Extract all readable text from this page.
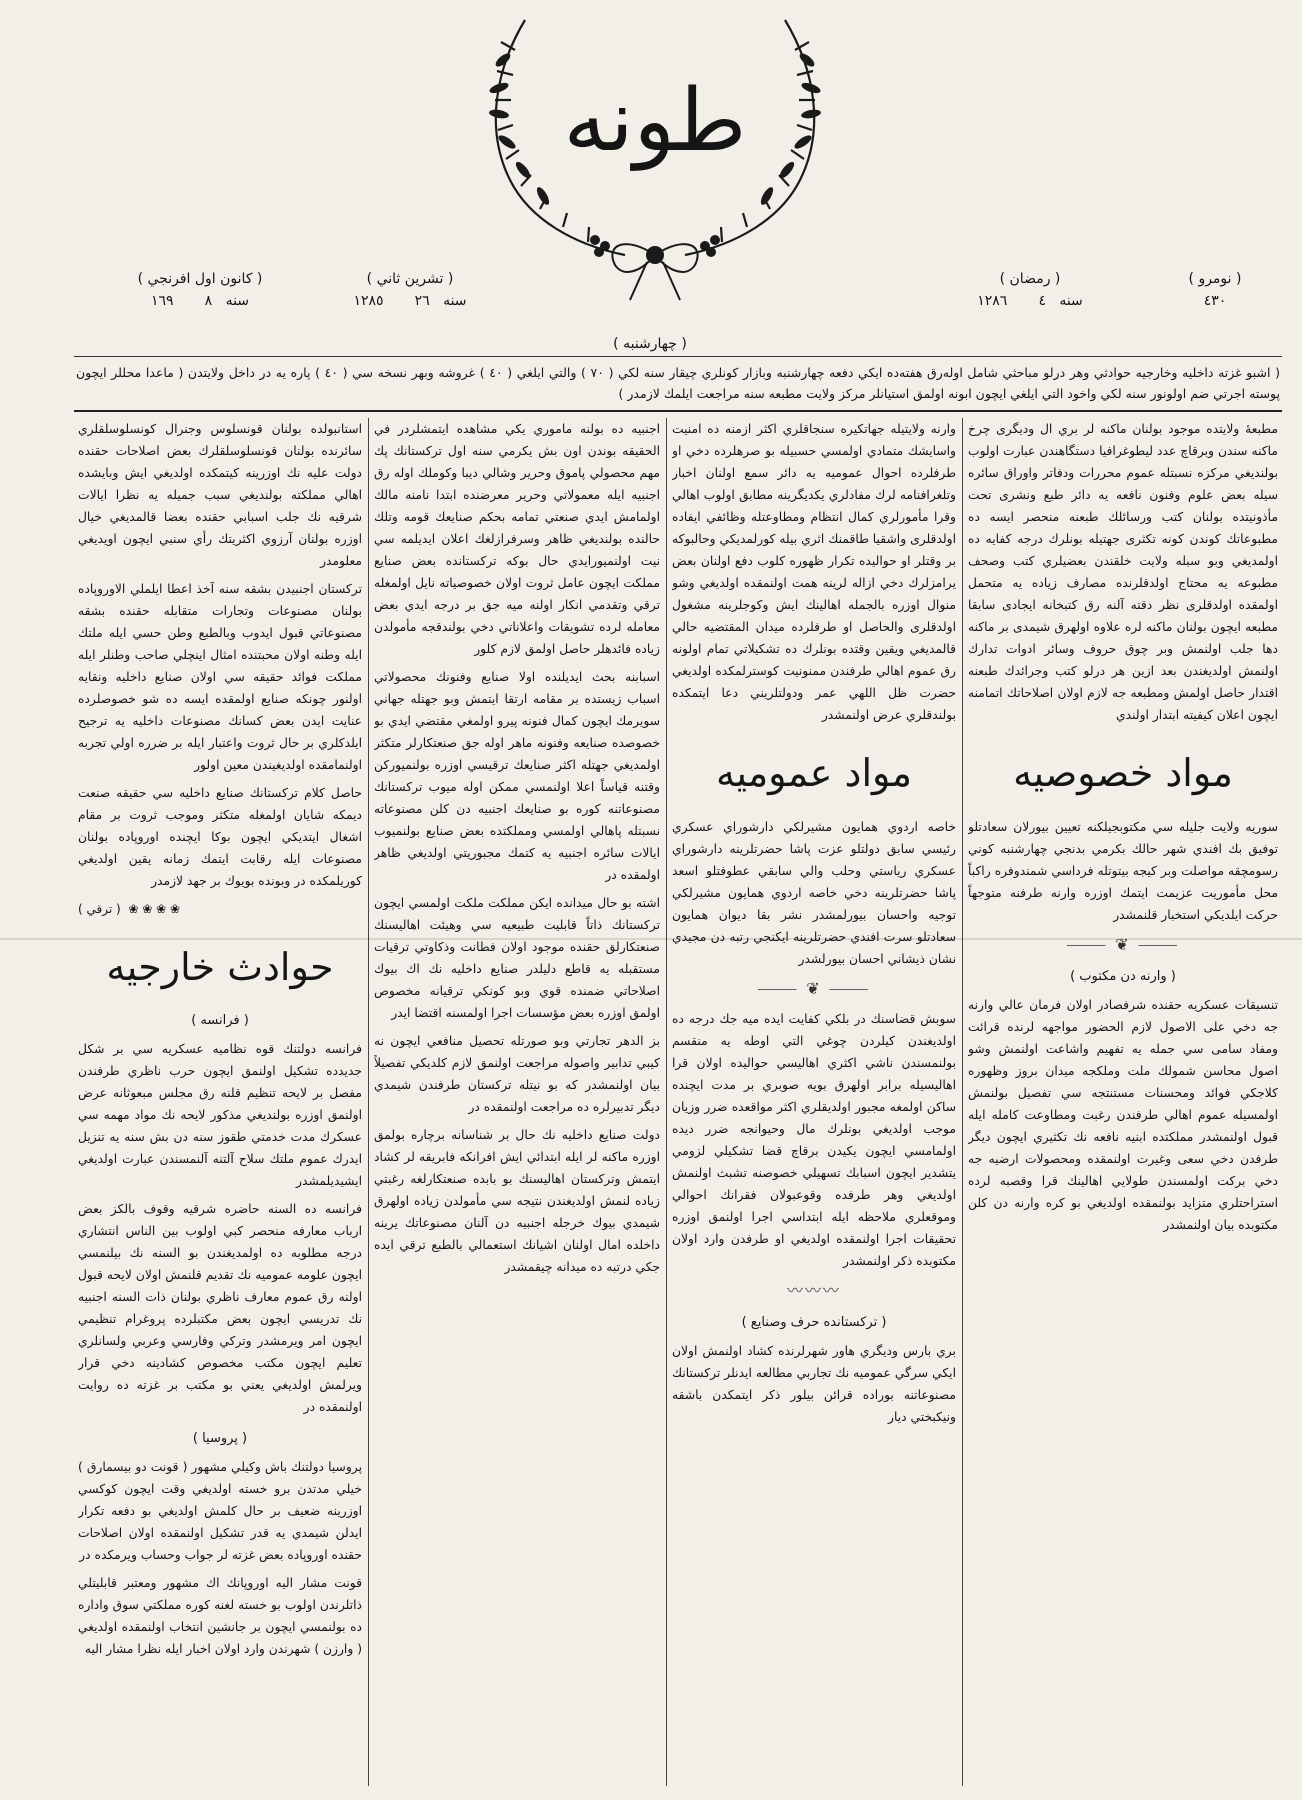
طونه
( نومرو )
٤٣٠
( رمضان )
سنه   ٤       ١٢٨٦
( تشرين ثاني )
سنه   ٢٦       ١٢٨٥
( كانون اول افرنجي )
سنه   ٨       ١٦٩
( چهارشنبه )
( اشبو غزته داخليه وخارجيه حوادثي وهر درلو مباحثي شامل اولەرق هفتەده ايكي دفعه چهارشنبه وبازار كونلري چيقار سنه لكي ( ٧٠ ) والتي ايلغي ( ٤٠ ) غروشه وبهر نسخه سي ( ٤٠ ) پاره يه در داخل ولايتدن ( ماعدا محللر ايچون پوسته اجرتي ضم اولونور سنه لكي واخود التي ايلغي ايچون ابونه اولمق استيانلر مركز ولايت مطبعه سنه مراجعت ايلمك لازمدر )

مطبعهٔ ولايتده موجود بولنان ماكنه لر بري ال ودیگری چرخ ماكنه سندن وبرقاچ عدد ليطوغرافيا دستگاهندن عبارت اولوب بولنديغي مركزه نسبتله عموم محررات ودفاتر واوراق سائره سيله بعض علوم وفنون نافعه يه دائر طبع ونشرى تحت مأذونيتده بولنان كتب ورسائلك طبعنه منحصر ايسه ده مطبوعاتك كوندن كونه تكثرى جهتيله بونلرك درجه كفايه ده اولمديغي وبو سبله ولايت خلقندن بعضيلري كتب وصحف مطبوعه يه محتاج اولدقلرنده مصارف زياده يه متحمل اولمقده اولدقلرى نظر دقته آلنه رق كتبخانه ايجادى سابقا مطبعه ايچون بولنان ماكنه لره علاوه اولهرق شيمدى بر ماكنه دها جلب اولنمش وبر چوق حروف وسائر ادوات تدارك اولنمش اولديغندن بعد ازين هر درلو كتب وجرائدك طبعنه اقتدار حاصل اولمش ومطبعه جه لازم اولان اصلاحاتك اتمامنه ايچون اعلان كيفيته ابتدار اولندي

مواد خصوصیه

سوريه ولايت جليله سي مكتوبجيلكنه تعيين بيورلان سعادتلو توفيق بك افندي شهر حالك بكرمي بدنجي چهارشنبه كوني رسومچقه مواصلت وبر كيجه بيتوتله فرداسي شمندوفره راكباً محل مأموريت عزيمت ايتمك اوزره وارنه طرفنه متوجهاً حركت ايلديكي استخبار قلنمشدر

⸻ ❦ ⸻
( وارنه دن مكتوب )

تنسيقات عسكريه حقنده شرفصادر اولان فرمان عالي وارنه جه دخي على الاصول لازم الحضور مواجهه لرنده قرائت ومفاد سامى سي جمله يه تفهيم واشاعت اولنمش وشو اصول محاسن شمولك ملت وملكجه ميدان بروز وظهوره كلاجكي فوائد ومحسنات مستنتجه سي تفصيل بولنمش اولمسيله عموم اهالي طرفندن رغبت ومطاوعت كامله ايله قبول اولنمشدر مملكتده ابنيه نافعه نك تكثيري ايچون ديگر طرفدن دخي سعى وغيرت اولنمقده ومحصولات ارضيه جه دخي بركت اولمسندن طولايي اهالينك قرا وقصبه لرده استراحتلري متزايد بولنمقده اولديغي بو كره وارنه دن كلن مكتوبده بيان اولنمشدر

وارنه ولايتيله جهاتكيره سنجاقلري اكثر ازمنه ده امنيت واسايشك متمادي اولمسي حسبيله بو صرهلرده دخي او طرفلرده احوال عموميه يه دائر سمع اولنان اخبار وتلغرافنامه لرك مفادلري يكديگرينه مطابق اولوب اهالي وقرا مأمورلري كمال انتظام ومطاوعتله وظائفي ايفاده اولدقلرى واشقيا طاقمنك اثري بيله كورلمديكي وحالبوكه بر وقتلر او حواليده تكرار ظهوره كلوب دفع اولنان بعض يرامزلرك دخي ازاله لرينه همت اولنمقده اولديغي وشو منوال اوزره بالجمله اهالينك ايش وكوجلرينه مشغول اولدقلرى والحاصل او طرفلرده ميدان المقتضيه حالي قالمديغي ويقين وقتده بونلرك ده تشكيلاتي تمام اولونه رق عموم اهالي طرفندن ممنونيت كوسترلمكده اولديغي حضرت ظل اللهي عمر ودولتلريني دعا ايتمكده بولندقلري عرض اولنمشدر

مواد عمومیه

خاصه اردوي همايون مشيرلكي دارشوراي عسكري رئيسي سابق دولتلو عزت پاشا حضرتلرينه دارشوراي عسكري رياستي وحلب والي سابقي عطوفتلو اسعد پاشا حضرتلرينه دخي خاصه اردوي همايون مشيرلكي توجيه واحسان بيورلمشدر نشر بقا ديوان همايون سعادتلو سرت افندي حضرتلرينه ايكنجي رتبه دن مجيدي نشان ذيشاني احسان بيورلشدر

⸻ ❦ ⸻

سوبش قضاسنك در بلكي كفايت ايده ميه جك درجه ده اولديغندن كيلردن چوغي التي اوطه يه منقسم بولنمسندن ناشي اكثري اهاليسي حواليده اولان قرا اهاليسيله برابر اولهرق بويه صوبري بر مدت ايچنده ساكن اولمغه مجبور اولديقلري اكثر مواقعده ضرر وزيان موجب اولديغي بونلرك مال وحيوانجه ضرر ديده اولمامسي ايچون يكيدن برقاچ قضا تشكيلي لزومي يتشدير ايچون اسبابك تسهيلي خصوصنه تشبث اولنمش اولديغي وهر طرفده وقوعبولان فقرانك احوالي وموقعلري ملاحظه ايله ابتداسي اجرا اولنمق اوزره تحقيقات اجرا اولنمقده اولديغي او طرفدن وارد اولان مكتوبده ذكر اولنمشدر

〰〰〰
( تركستانده حرف وصنايع )

بري بارس وديگري هاور شهرلرنده كشاد اولنمش اولان ايكي سرگي عموميه نك تجاربي مطالعه ايدنلر تركستانك مصنوعاتنه بوراده قرائن بيلور ذكر ايتمكدن باشقه ونيكبختي ديار

اجنبيه ده بولنه ماموري يكي مشاهده ايتمشلردر في الحقيقه بوندن اون بش يكرمي سنه اول تركستانك پك مهم محصولي پاموق وحرير وشالي ديبا وكوملك اوله رق اجنبيه ايله معمولاتي وحرير معرضنده ابتدا نامنه مالك اولمامش ايدي صنعتي تمامه بحكم صنايعك قومه وتلك حالنده بولنديغي ظاهر وسرفرازلغك اعلان ايديلمه سي نيت اولنميورايدي حال بوكه تركستانده بعض صنايع مملكت ايچون عامل ثروت اولان خصوصياته نايل اولمغله ترقي وتقدمي انكار اولنه ميه جق بر درجه ايدي بعض معامله لرده تشويقات واعلاناتي دخي بولندقجه مأمولدن زياده فائدهلر حاصل اولمق لازم كلور

اسبابنه بحث ايديلنده اولا صنايع وفنونك محصولاتي اسباب زيستده بر مقامه ارتقا ايتمش وبو جهتله جهاني سويرمك ايچون كمال فنونه پيرو اولمغي مقتضي ايدي بو خصوصده صنايعه وفنونه ماهر اوله جق صنعتكارلر متكثر اولمديغي جهتله اكثر صنايعك ترقيسي اوزره بولنميوركن وقتنه قياساً اعلا اولنمسي ممكن اوله ميوب تركستانك مصنوعاتنه كوره بو صنايعك اجنبيه دن كلن مصنوعاته نسبتله پاهالي اولمسي ومملكتده بعض صنايع بولنميوب ايالات سائره اجنبيه يه كتمك مجبوريتي اولديغي ظاهر اولمقده در

اشته بو حال ميدانده ايكن مملكت ملكت اولمسي ايچون تركستانك ذاتاً قابليت طبيعيه سي وهيئت اهاليسنك صنعتكارلق حقنده موجود اولان فطانت وذكاوتي ترقيات مستقبله يه قاطع دليلدر صنايع داخليه نك اك بيوك اصلاحاتي ضمنده قوي وبو كونكي ترقيانه مخصوص اولمق اوزره بعض مؤسسات اجرا اولمسنه اقتضا ايدر

بز الدهر تجارتي وبو صورتله تحصيل منافعي ايچون نه كيبي تدابير واصوله مراجعت اولنمق لازم كلديكي تفصيلاً بيان اولنمشدر كه بو نيتله تركستان طرفندن شيمدي ديگر تدبيرلره ده مراجعت اولنمقده در

دولت صنايع داخليه نك حال بر شناسانه برچاره بولمق اوزره ماكنه لر ايله ابتدائي ايش افرانكه فابريقه لر كشاد ايتمش وتركستان اهاليسنك بو بابده صنعتكارلغه رغبتي زياده لنمش اولديغندن نتيجه سي مأمولدن زياده اولهرق شيمدي بيوك خرجله اجنبيه دن آلنان مصنوعاتك يرينه داخلده امال اولنان اشيانك استعمالي بالطبع ترقي ايده جكي درتبه ده ميدانه چيقمشدر

استانبولده بولنان قونسلوس وجنرال كونسلوسلقلري سائرنده بولنان قونسلوسلقلرك بعض اصلاحات حقنده دولت عليه نك اوزرينه كيتمكده اولديغي ايش وبايشده اهالي مملكته بولنديغي سبب جميله يه نظرا ايالات شرقيه نك جلب اسبابي حقنده بعضا قالمديغي خيال اوزره بولنان آرزوي اكثريتك رأي سنبي ايچون اويديغي معلومدر

تركستان اجنبيدن بشقه سنه آخذ اعطا ايلملي الاوروپاده بولنان مصنوعات وتجارات متقابله حقنده بشقه مصنوعاتي قبول ايدوب وبالطبع وطن حسي ايله ملتك ايله وطنه اولان محبتنده امثال اينچلي صاحب وطنلر ايله مملكت فوائد حقيقه سي اولان صنايع داخليه ونقايه اولنور چونكه صنايع اولمقده ايسه ده شو خصوصلرده عنايت ايدن بعض كسانك مصنوعات داخليه يه ترجيح ايلدكلري بر حال ثروت واعتبار ايله بر ضرره اولي تجربه اولنمامقده اولديغيندن معين اولور

حاصل كلام تركستانك صنايع داخليه سي حقيقه صنعت ديمكه شايان اولمغله متكثر وموجب ثروت بر مقام اشغال ايتديكي ايچون بوكا ايچنده اوروپاده بولنان مصنوعات ايله رقابت ايتمك زمانه يقين اولديغي كوريلمكده در وبونده بويوك بر جهد لازمدر

❀ ❀ ❀ ❀  ( ترقي )
حوادث خارجیه
( فرانسه )

فرانسه دولتنك قوه نظاميه عسكريه سي بر شكل جديدده تشكيل اولنمق ايچون حرب ناظري طرفندن مفصل بر لايحه تنظيم قلنه رق مجلس مبعوثانه عرض اولنمق اوزره بولنديغي مذكور لايحه نك مواد مهمه سي عسكرك مدت خدمتي طقوز سنه دن بش سنه يه تنزيل ايدرك عموم ملتك سلاح آلتنه آلنمسندن عبارت اولديغي ايشيديلمشدر

فرانسه ده السنه حاضره شرقيه وقوف بالكز بعض ارباب معارفه منحصر كبي اولوب بين الناس انتشاري درجه مطلوبه ده اولمديغندن بو السنه نك بيلنمسي ايچون علومه عموميه نك تقديم قلنمش اولان لايحه قبول اولنه رق عموم معارف ناظري بولنان ذات السنه اجنبيه نك تدريسي ايچون بعض مكتبلرده پروغرام تنظيمي ايچون امر ويرمشدر وتركي وفارسي وعربي ولسانلري تعليم ايچون مكتب مخصوص كشادينه دخي قرار ويرلمش اولديغي يعني بو مكتب بر غزته ده روايت اولنمقده در

( پروسيا )

پروسيا دولتنك باش وكيلي مشهور ( قونت دو بيسمارق ) خيلي مدتدن برو خسته اولديغي وقت ايچون كوكسي اوزرينه ضعيف بر حال كلمش اولديغي بو دفعه تكرار ايدلن شيمدي يه قدر تشكيل اولنمقده اولان اصلاحات حقنده اوروپاده بعض غزته لر جواب وحساب ويرمكده در

قونت مشار اليه اوروپانك اك مشهور ومعتبر قابليتلي ذاتلرندن اولوب بو خسته لغنه كوره مملكتي سوق واداره ده بولنمسي ايچون بر جانشين انتخاب اولنمقده اولديغي ( وارزن ) شهرندن وارد اولان اخبار ايله نظرا مشار اليه
